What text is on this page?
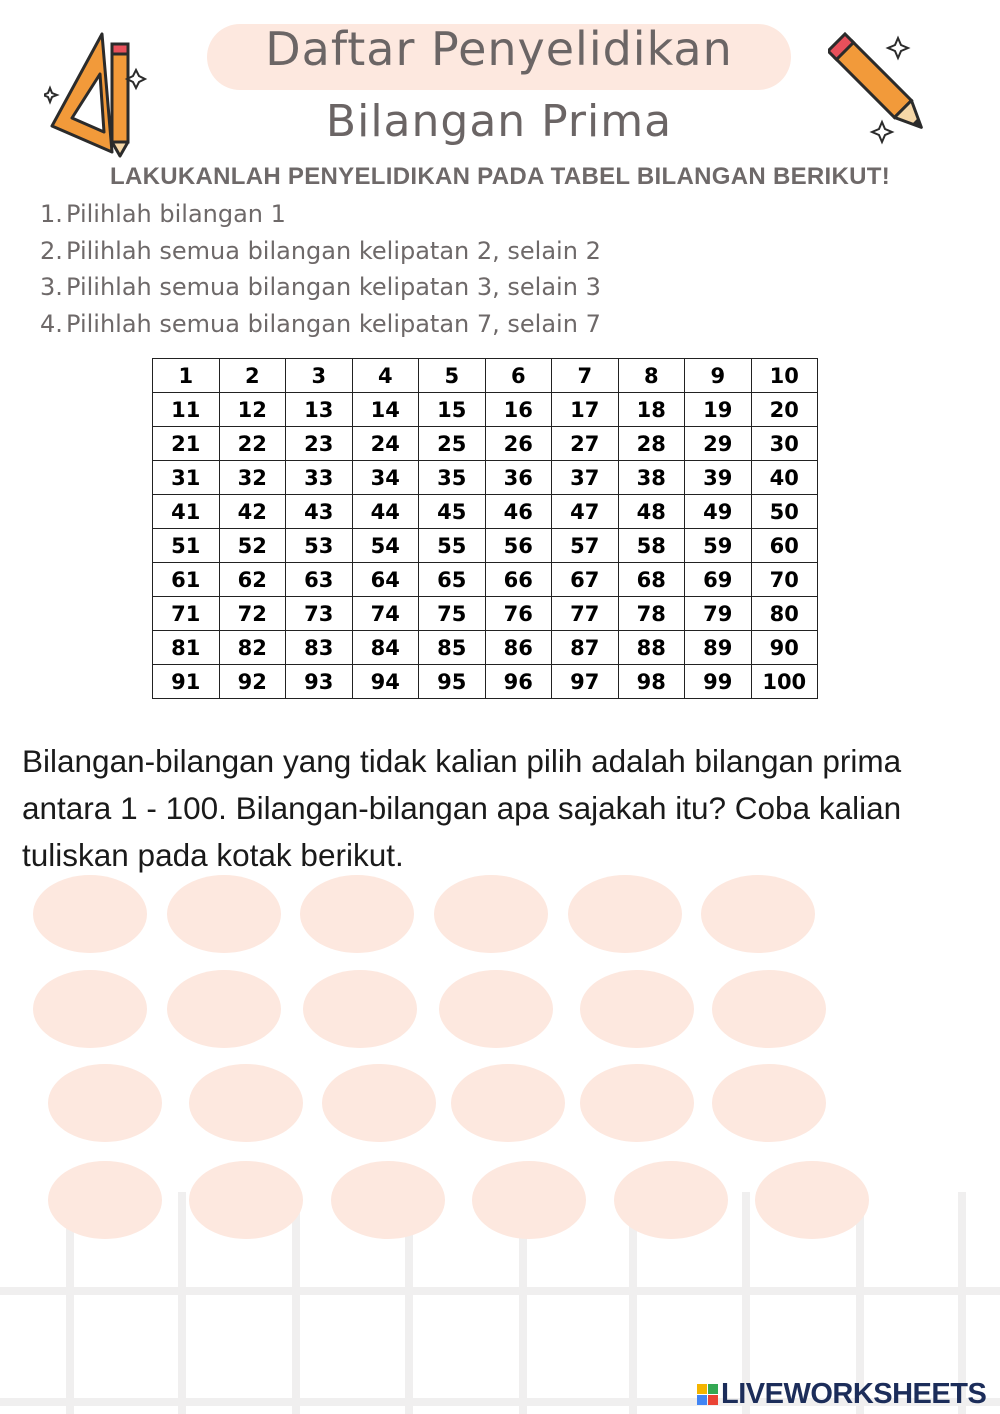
Daftar Penyelidikan
Bilangan Prima
LAKUKANLAH PENYELIDIKAN PADA TABEL BILANGAN BERIKUT!
1. Pilihlah bilangan 1
2. Pilihlah semua bilangan kelipatan 2, selain 2
3. Pilihlah semua bilangan kelipatan 3, selain 3
4. Pilihlah semua bilangan kelipatan 7, selain 7
1	2	3	4	5	6	7	8	9	10
11	12	13	14	15	16	17	18	19	20
21	22	23	24	25	26	27	28	29	30
31	32	33	34	35	36	37	38	39	40
41	42	43	44	45	46	47	48	49	50
51	52	53	54	55	56	57	58	59	60
61	62	63	64	65	66	67	68	69	70
71	72	73	74	75	76	77	78	79	80
81	82	83	84	85	86	87	88	89	90
91	92	93	94	95	96	97	98	99	100
Bilangan-bilangan yang tidak kalian pilih adalah bilangan prima antara 1 - 100. Bilangan-bilangan apa sajakah itu? Coba kalian tuliskan pada kotak berikut.
LIVEWORKSHEETS
